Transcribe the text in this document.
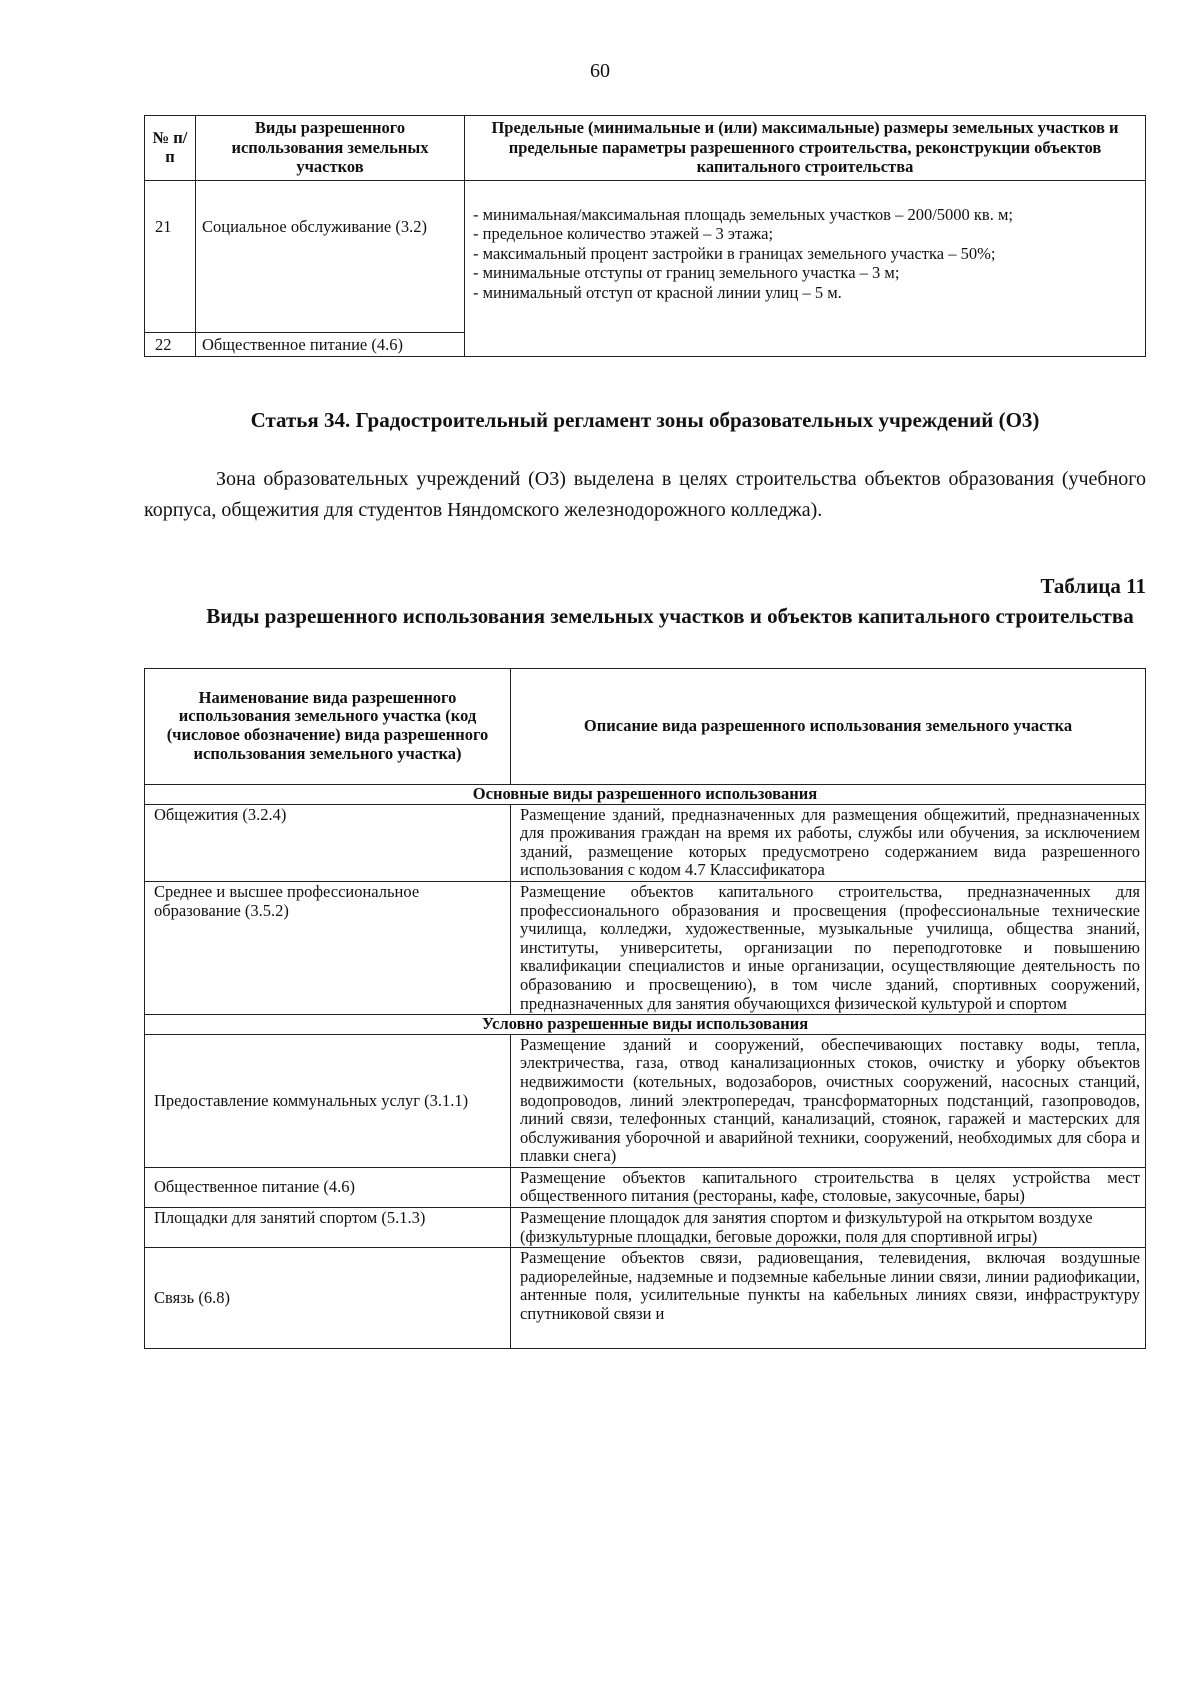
60
№ п/п	Виды разрешенного использования земельных участков	Предельные (минимальные и (или) максимальные) размеры земельных участков и предельные параметры разрешенного строительства, реконструкции объектов капитального строительства
21	Социальное обслуживание (3.2)	- минимальная/максимальная площадь земельных участков – 200/5000 кв. м;
- предельное количество этажей – 3 этажа;
- максимальный процент застройки в границах земельного участка – 50%;
- минимальные отступы от границ земельного участка – 3 м;
- минимальный отступ от красной линии улиц – 5 м.

22	Общественное питание (4.6)	
Статья 34. Градостроительный регламент зоны образовательных учреждений (О3)

Зона образовательных учреждений (О3) выделена в целях строительства объектов образования (учебного корпуса, общежития для студентов Няндомского железнодорожного колледжа).

Таблица 11
Виды разрешенного использования земельных участков и объектов капитального строительства
Наименование вида разрешенного использования земельного участка (код (числовое обозначение) вида разрешенного использования земельного участка)	Описание вида разрешенного использования земельного участка
Основные виды разрешенного использования	
Общежития (3.2.4)	Размещение зданий, предназначенных для размещения общежитий, предназначенных для проживания граждан на время их работы, службы или обучения, за исключением зданий, размещение которых предусмотрено содержанием вида разрешенного использования с кодом 4.7 Классификатора
Среднее и высшее профессиональное образование (3.5.2)	Размещение объектов капитального строительства, предназначенных для профессионального образования и просвещения (профессиональные технические училища, колледжи, художественные, музыкальные училища, общества знаний, институты, университеты, организации по переподготовке и повышению квалификации специалистов и иные организации, осуществляющие деятельность по образованию и просвещению), в том числе зданий, спортивных сооружений, предназначенных для занятия обучающихся физической культурой и спортом
Условно разрешенные виды использования	
Предоставление коммунальных услуг (3.1.1)	Размещение зданий и сооружений, обеспечивающих поставку воды, тепла, электричества, газа, отвод канализационных стоков, очистку и уборку объектов недвижимости (котельных, водозаборов, очистных сооружений, насосных станций, водопроводов, линий электропередач, трансформаторных подстанций, газопроводов, линий связи, телефонных станций, канализаций, стоянок, гаражей и мастерских для обслуживания уборочной и аварийной техники, сооружений, необходимых для сбора и плавки снега)
Общественное питание (4.6)	Размещение объектов капитального строительства в целях устройства мест общественного питания (рестораны, кафе, столовые, закусочные, бары)
Площадки для занятий спортом (5.1.3)	Размещение площадок для занятия спортом и физкультурой на открытом воздухе (физкультурные площадки, беговые дорожки, поля для спортивной игры)
Связь (6.8)	Размещение объектов связи, радиовещания, телевидения, включая воздушные радиорелейные, надземные и подземные кабельные линии связи, линии радиофикации, антенные поля, усилительные пункты на кабельных линиях связи, инфраструктуру спутниковой связи и
